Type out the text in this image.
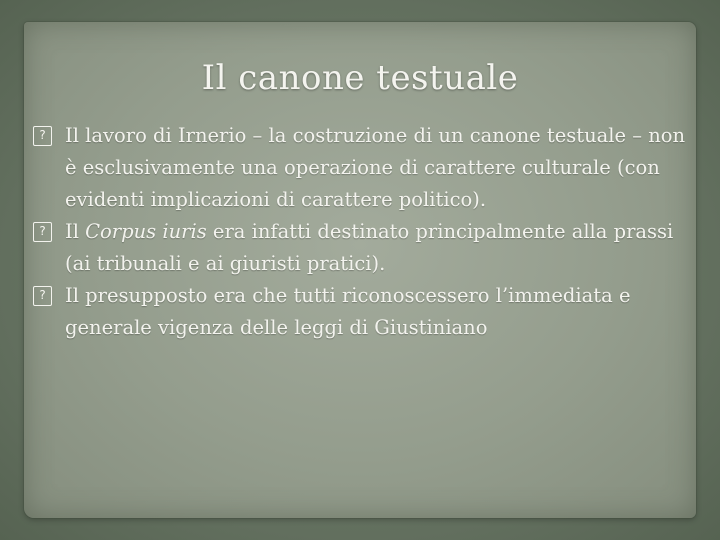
Il canone testuale
?
Il lavoro di Irnerio – la costruzione di un canone testuale – non è esclusivamente una operazione di carattere culturale (con evidenti implicazioni di carattere politico).
?
Il Corpus iuris era infatti destinato principalmente alla prassi (ai tribunali e ai giuristi pratici).
?
Il presupposto era che tutti riconoscessero l’immediata e generale vigenza delle leggi di Giustiniano
